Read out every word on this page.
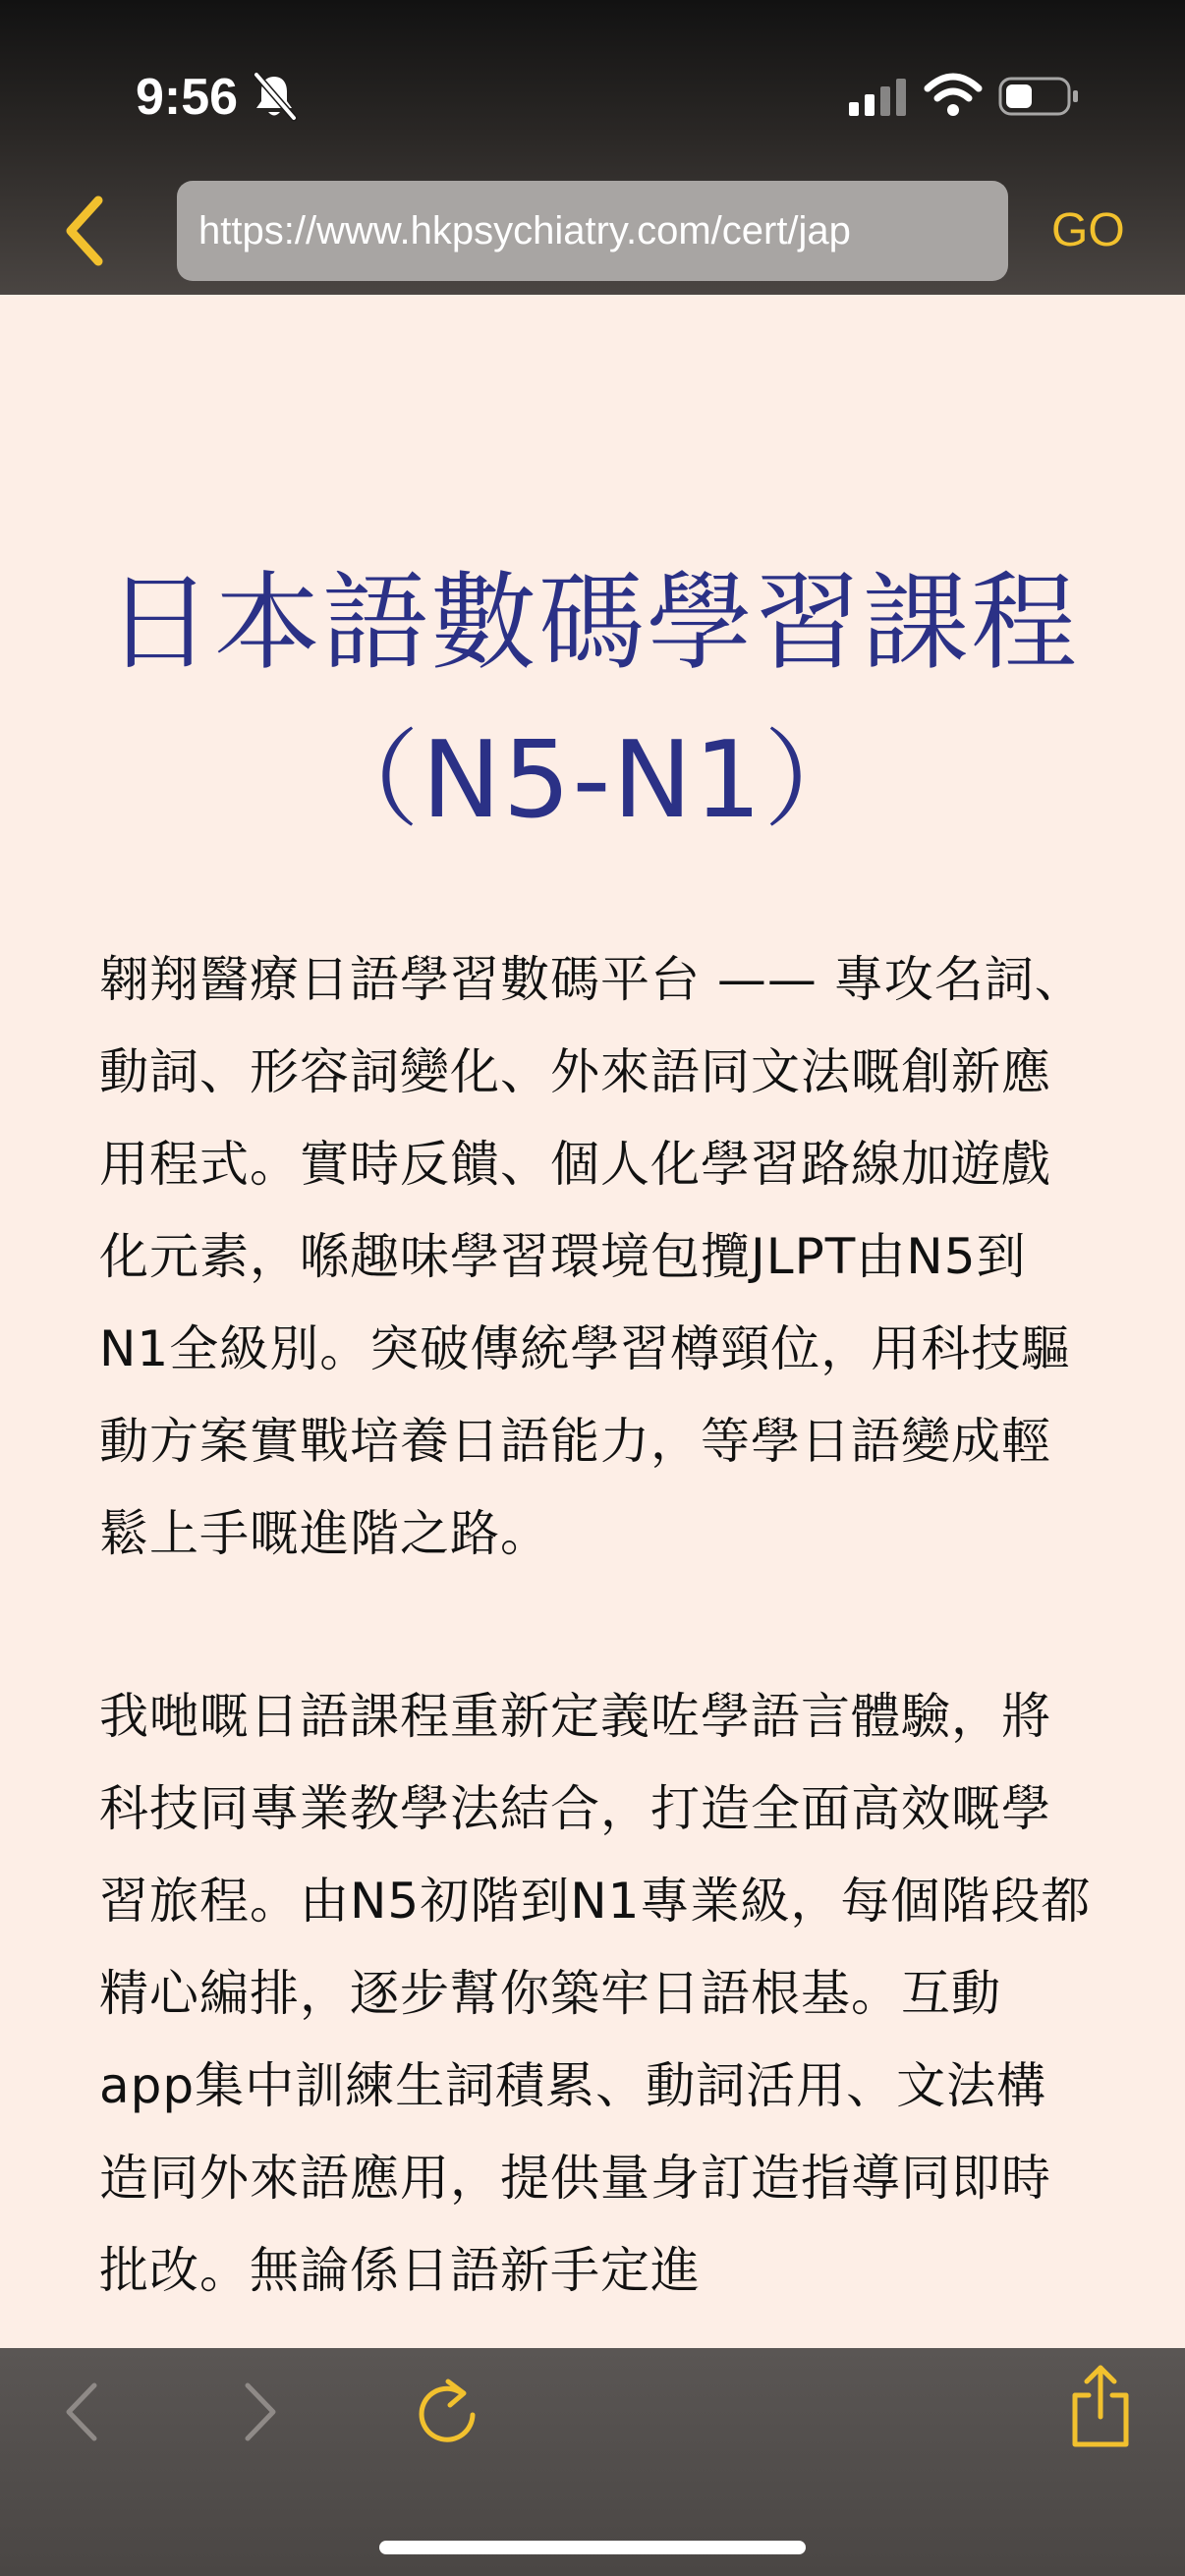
9:56
https://www.hkpsychiatry.com/cert/jap	GO
日本語數碼學習課程（N5-N1）

翱翔醫療日語學習數碼平台 —— 專攻名詞、動詞、形容詞變化、外來語同文法嘅創新應用程式。實時反饋、個人化學習路線加遊戲化元素，喺趣味學習環境包攬JLPT由N5到N1全級別。突破傳統學習樽頸位，用科技驅動方案實戰培養日語能力，等學日語變成輕鬆上手嘅進階之路。

我哋嘅日語課程重新定義咗學語言體驗，將科技同專業教學法結合，打造全面高效嘅學習旅程。由N5初階到N1專業級，每個階段都精心編排，逐步幫你築牢日語根基。互動app集中訓練生詞積累、動詞活用、文法構造同外來語應用，提供量身訂造指導同即時批改。無論係日語新手定進
